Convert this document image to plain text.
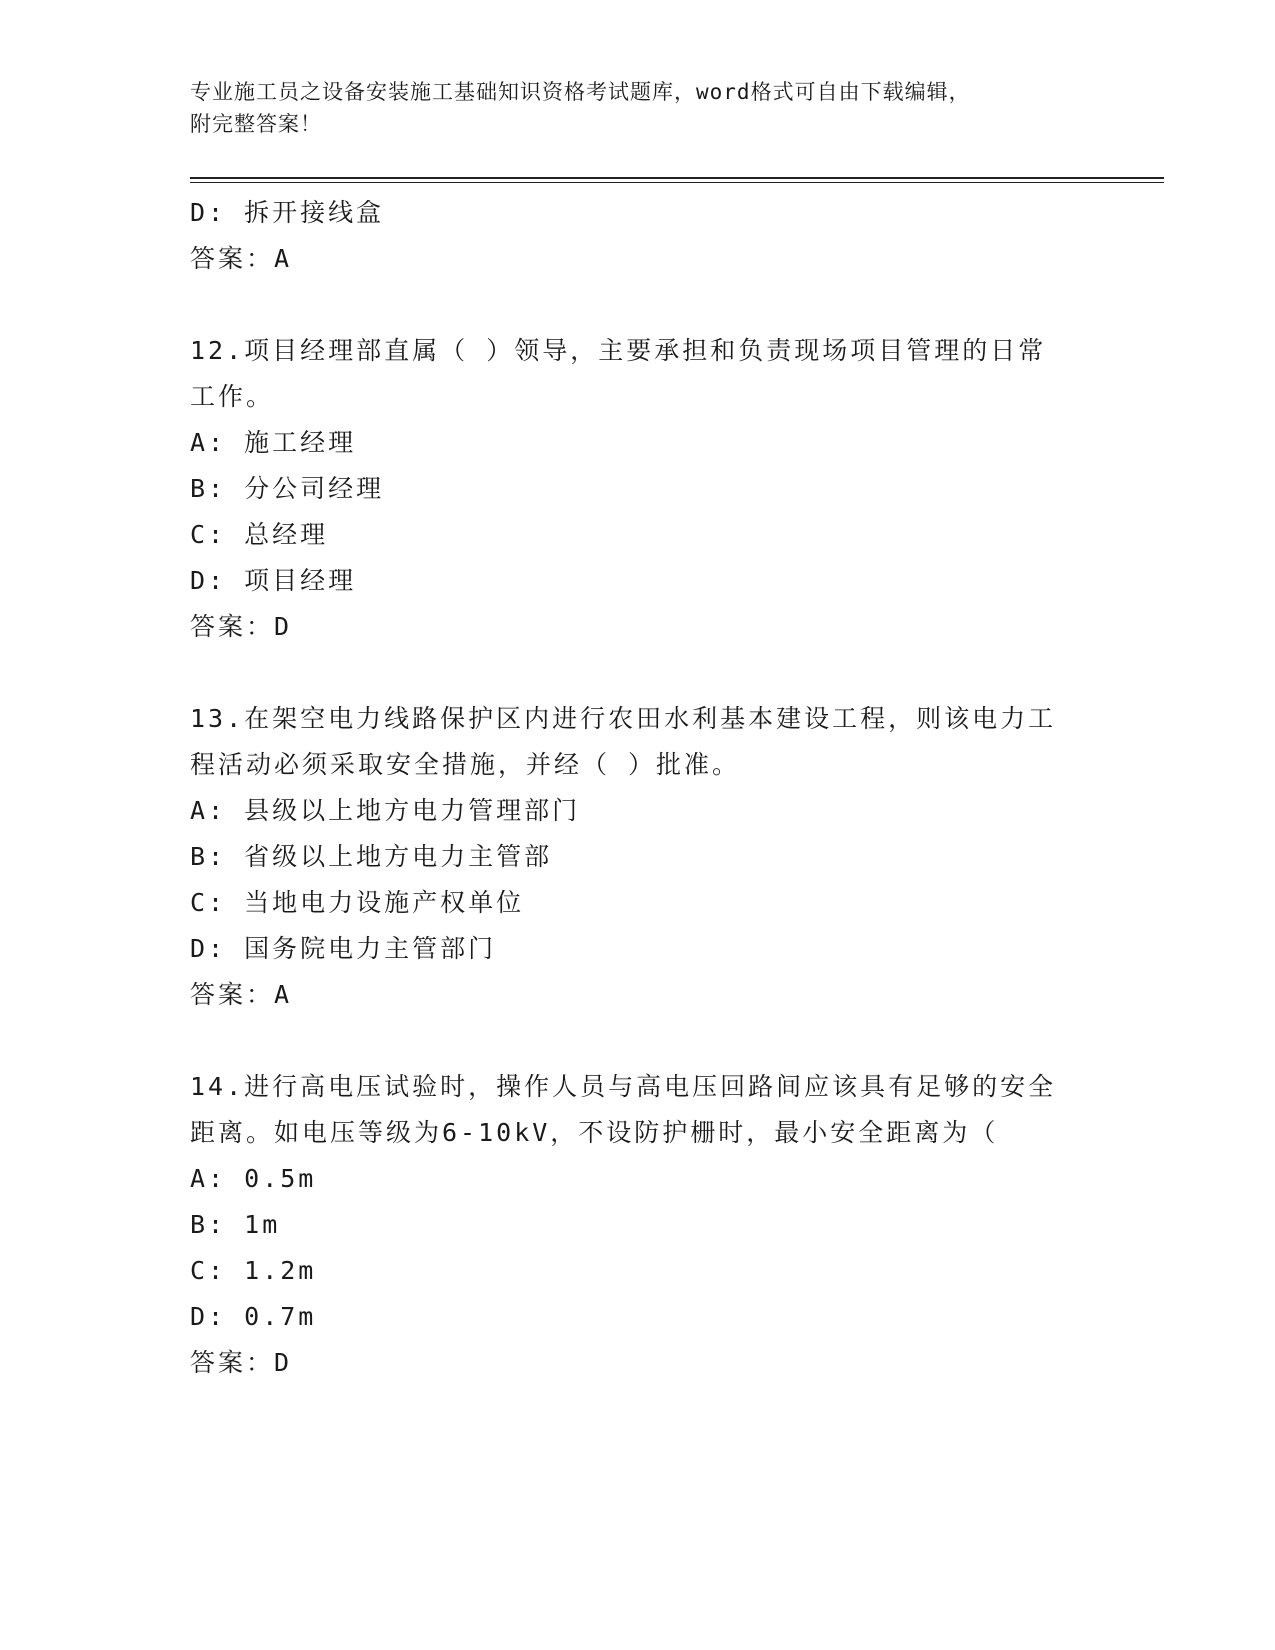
专业施工员之设备安装施工基础知识资格考试题库，word格式可自由下载编辑，
附完整答案！
D: 拆开接线盒
答案：A
12.项目经理部直属（ ）领导，主要承担和负责现场项目管理的日常
工作。
A: 施工经理
B: 分公司经理
C: 总经理
D: 项目经理
答案：D
13.在架空电力线路保护区内进行农田水利基本建设工程，则该电力工
程活动必须采取安全措施，并经（ ）批准。
A: 县级以上地方电力管理部门
B: 省级以上地方电力主管部
C: 当地电力设施产权单位
D: 国务院电力主管部门
答案：A
14.进行高电压试验时，操作人员与高电压回路间应该具有足够的安全
距离。如电压等级为6-10kV，不设防护栅时，最小安全距离为（
A: 0.5m
B: 1m
C: 1.2m
D: 0.7m
答案：D
